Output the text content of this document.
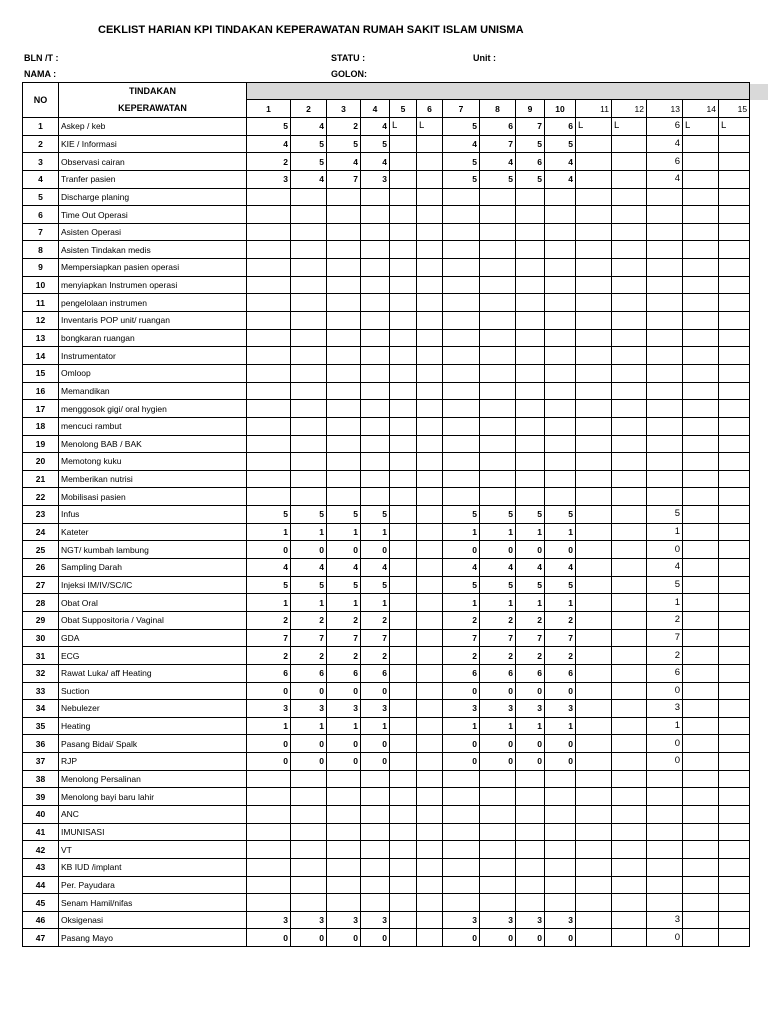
CEKLIST HARIAN KPI TINDAKAN KEPERAWATAN RUMAH SAKIT ISLAM UNISMA
BLN /T :	STATU :	Unit :
NAMA :	GOLON:
NO	TINDAKAN															
	KEPERAWATAN	1	2	3	4	5	6	7	8	9	10	11	12	13	14	15
1	Askep / keb	5	4	2	4	L	L	5	6	7	6	L	L	6	L	L
2	KIE / Informasi	4	5	5	5			4	7	5	5			4		
3	Observasi cairan	2	5	4	4			5	4	6	4			6		
4	Tranfer pasien	3	4	7	3			5	5	5	4			4		
5	Discharge planing															
6	Time Out Operasi															
7	Asisten Operasi															
8	Asisten Tindakan medis															
9	Mempersiapkan pasien operasi															
10	menyiapkan Instrumen operasi															
11	pengelolaan instrumen															
12	Inventaris POP unit/ ruangan															
13	bongkaran ruangan															
14	Instrumentator															
15	Omloop															
16	Memandikan															
17	menggosok gigi/ oral hygien															
18	mencuci rambut															
19	Menolong BAB / BAK															
20	Memotong kuku															
21	Memberikan nutrisi															
22	Mobilisasi pasien															
23	Infus	5	5	5	5			5	5	5	5			5		
24	Kateter	1	1	1	1			1	1	1	1			1		
25	NGT/ kumbah lambung	0	0	0	0			0	0	0	0			0		
26	Sampling Darah	4	4	4	4			4	4	4	4			4		
27	Injeksi IM/IV/SC/IC	5	5	5	5			5	5	5	5			5		
28	Obat Oral	1	1	1	1			1	1	1	1			1		
29	Obat Suppositoria / Vaginal	2	2	2	2			2	2	2	2			2		
30	GDA	7	7	7	7			7	7	7	7			7		
31	ECG	2	2	2	2			2	2	2	2			2		
32	Rawat Luka/ aff Heating	6	6	6	6			6	6	6	6			6		
33	Suction	0	0	0	0			0	0	0	0			0		
34	Nebulezer	3	3	3	3			3	3	3	3			3		
35	Heating	1	1	1	1			1	1	1	1			1		
36	Pasang Bidai/ Spalk	0	0	0	0			0	0	0	0			0		
37	RJP	0	0	0	0			0	0	0	0			0		
38	Menolong Persalinan															
39	Menolong bayi baru lahir															
40	ANC															
41	IMUNISASI															
42	VT															
43	KB IUD /implant															
44	Per. Payudara															
45	Senam Hamil/nifas															
46	Oksigenasi	3	3	3	3			3	3	3	3			3		
47	Pasang Mayo	0	0	0	0			0	0	0	0			0		
